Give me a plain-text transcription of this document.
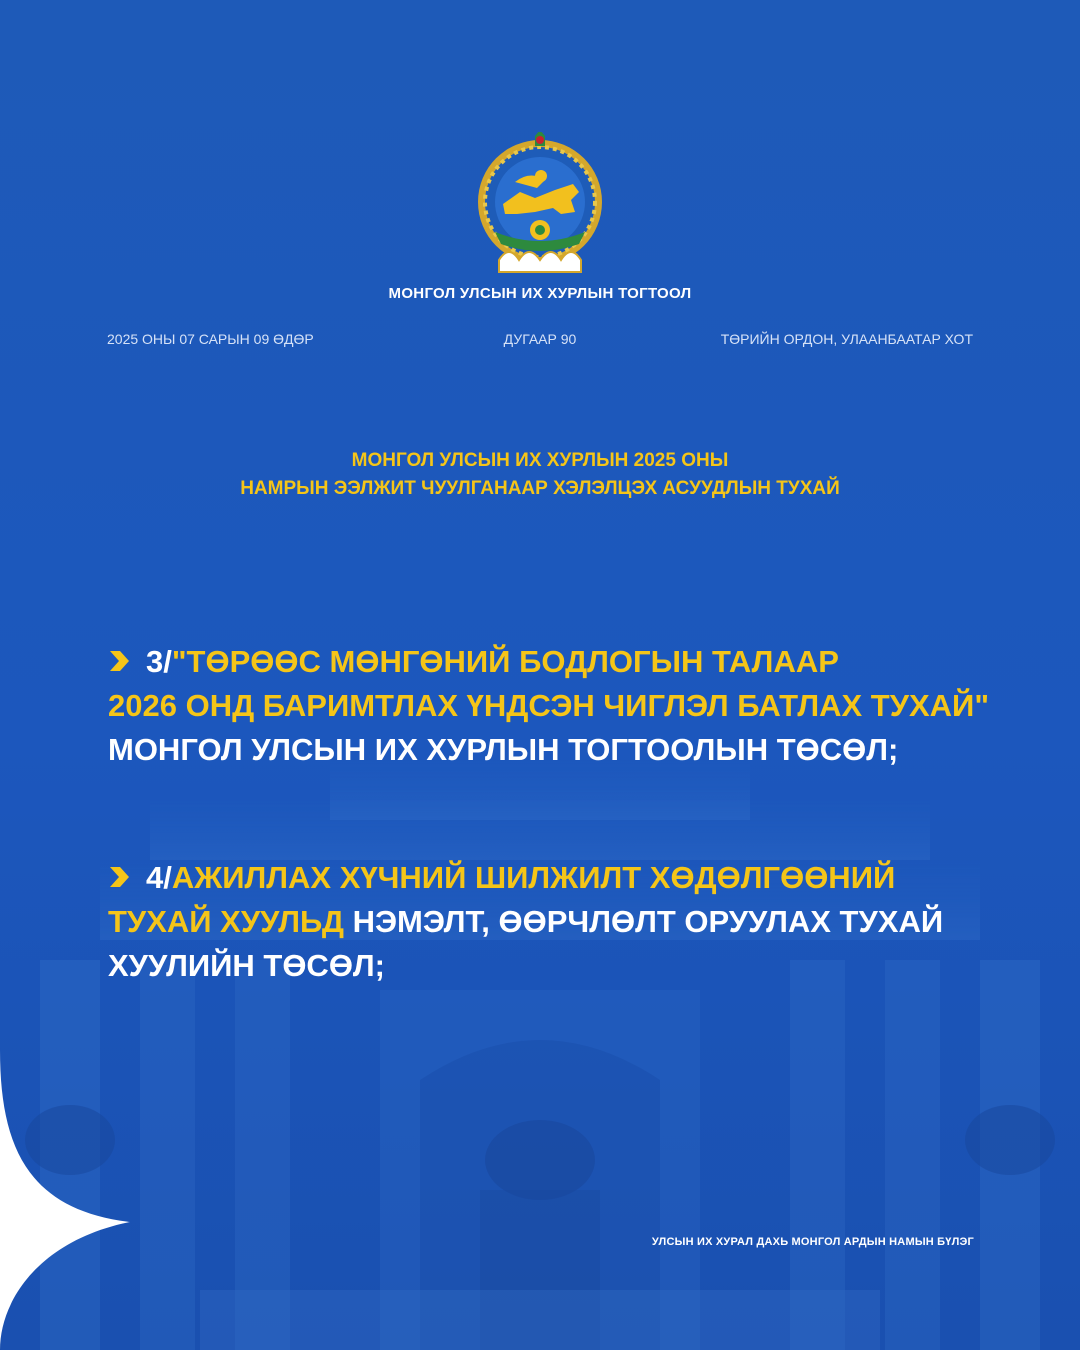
МОНГОЛ УЛСЫН ИХ ХУРЛЫН ТОГТООЛ
2025 ОНЫ 07 САРЫН 09 ӨДӨР	ДУГААР 90	ТӨРИЙН ОРДОН, УЛААНБААТАР ХОТ
МОНГОЛ УЛСЫН ИХ ХУРЛЫН 2025 ОНЫ
НАМРЫН ЭЭЛЖИТ ЧУУЛГАНААР ХЭЛЭЛЦЭХ АСУУДЛЫН ТУХАЙ
3/"ТӨРӨӨС МӨНГӨНИЙ БОДЛОГЫН ТАЛААР
2026 ОНД БАРИМТЛАХ ҮНДСЭН ЧИГЛЭЛ БАТЛАХ ТУХАЙ"
МОНГОЛ УЛСЫН ИХ ХУРЛЫН ТОГТООЛЫН ТӨСӨЛ;
4/АЖИЛЛАХ ХҮЧНИЙ ШИЛЖИЛТ ХӨДӨЛГӨӨНИЙ
ТУХАЙ ХУУЛЬД НЭМЭЛТ, ӨӨРЧЛӨЛТ ОРУУЛАХ ТУХАЙ
ХУУЛИЙН ТӨСӨЛ;
УЛСЫН ИХ ХУРАЛ ДАХЬ МОНГОЛ АРДЫН НАМЫН БҮЛЭГ
